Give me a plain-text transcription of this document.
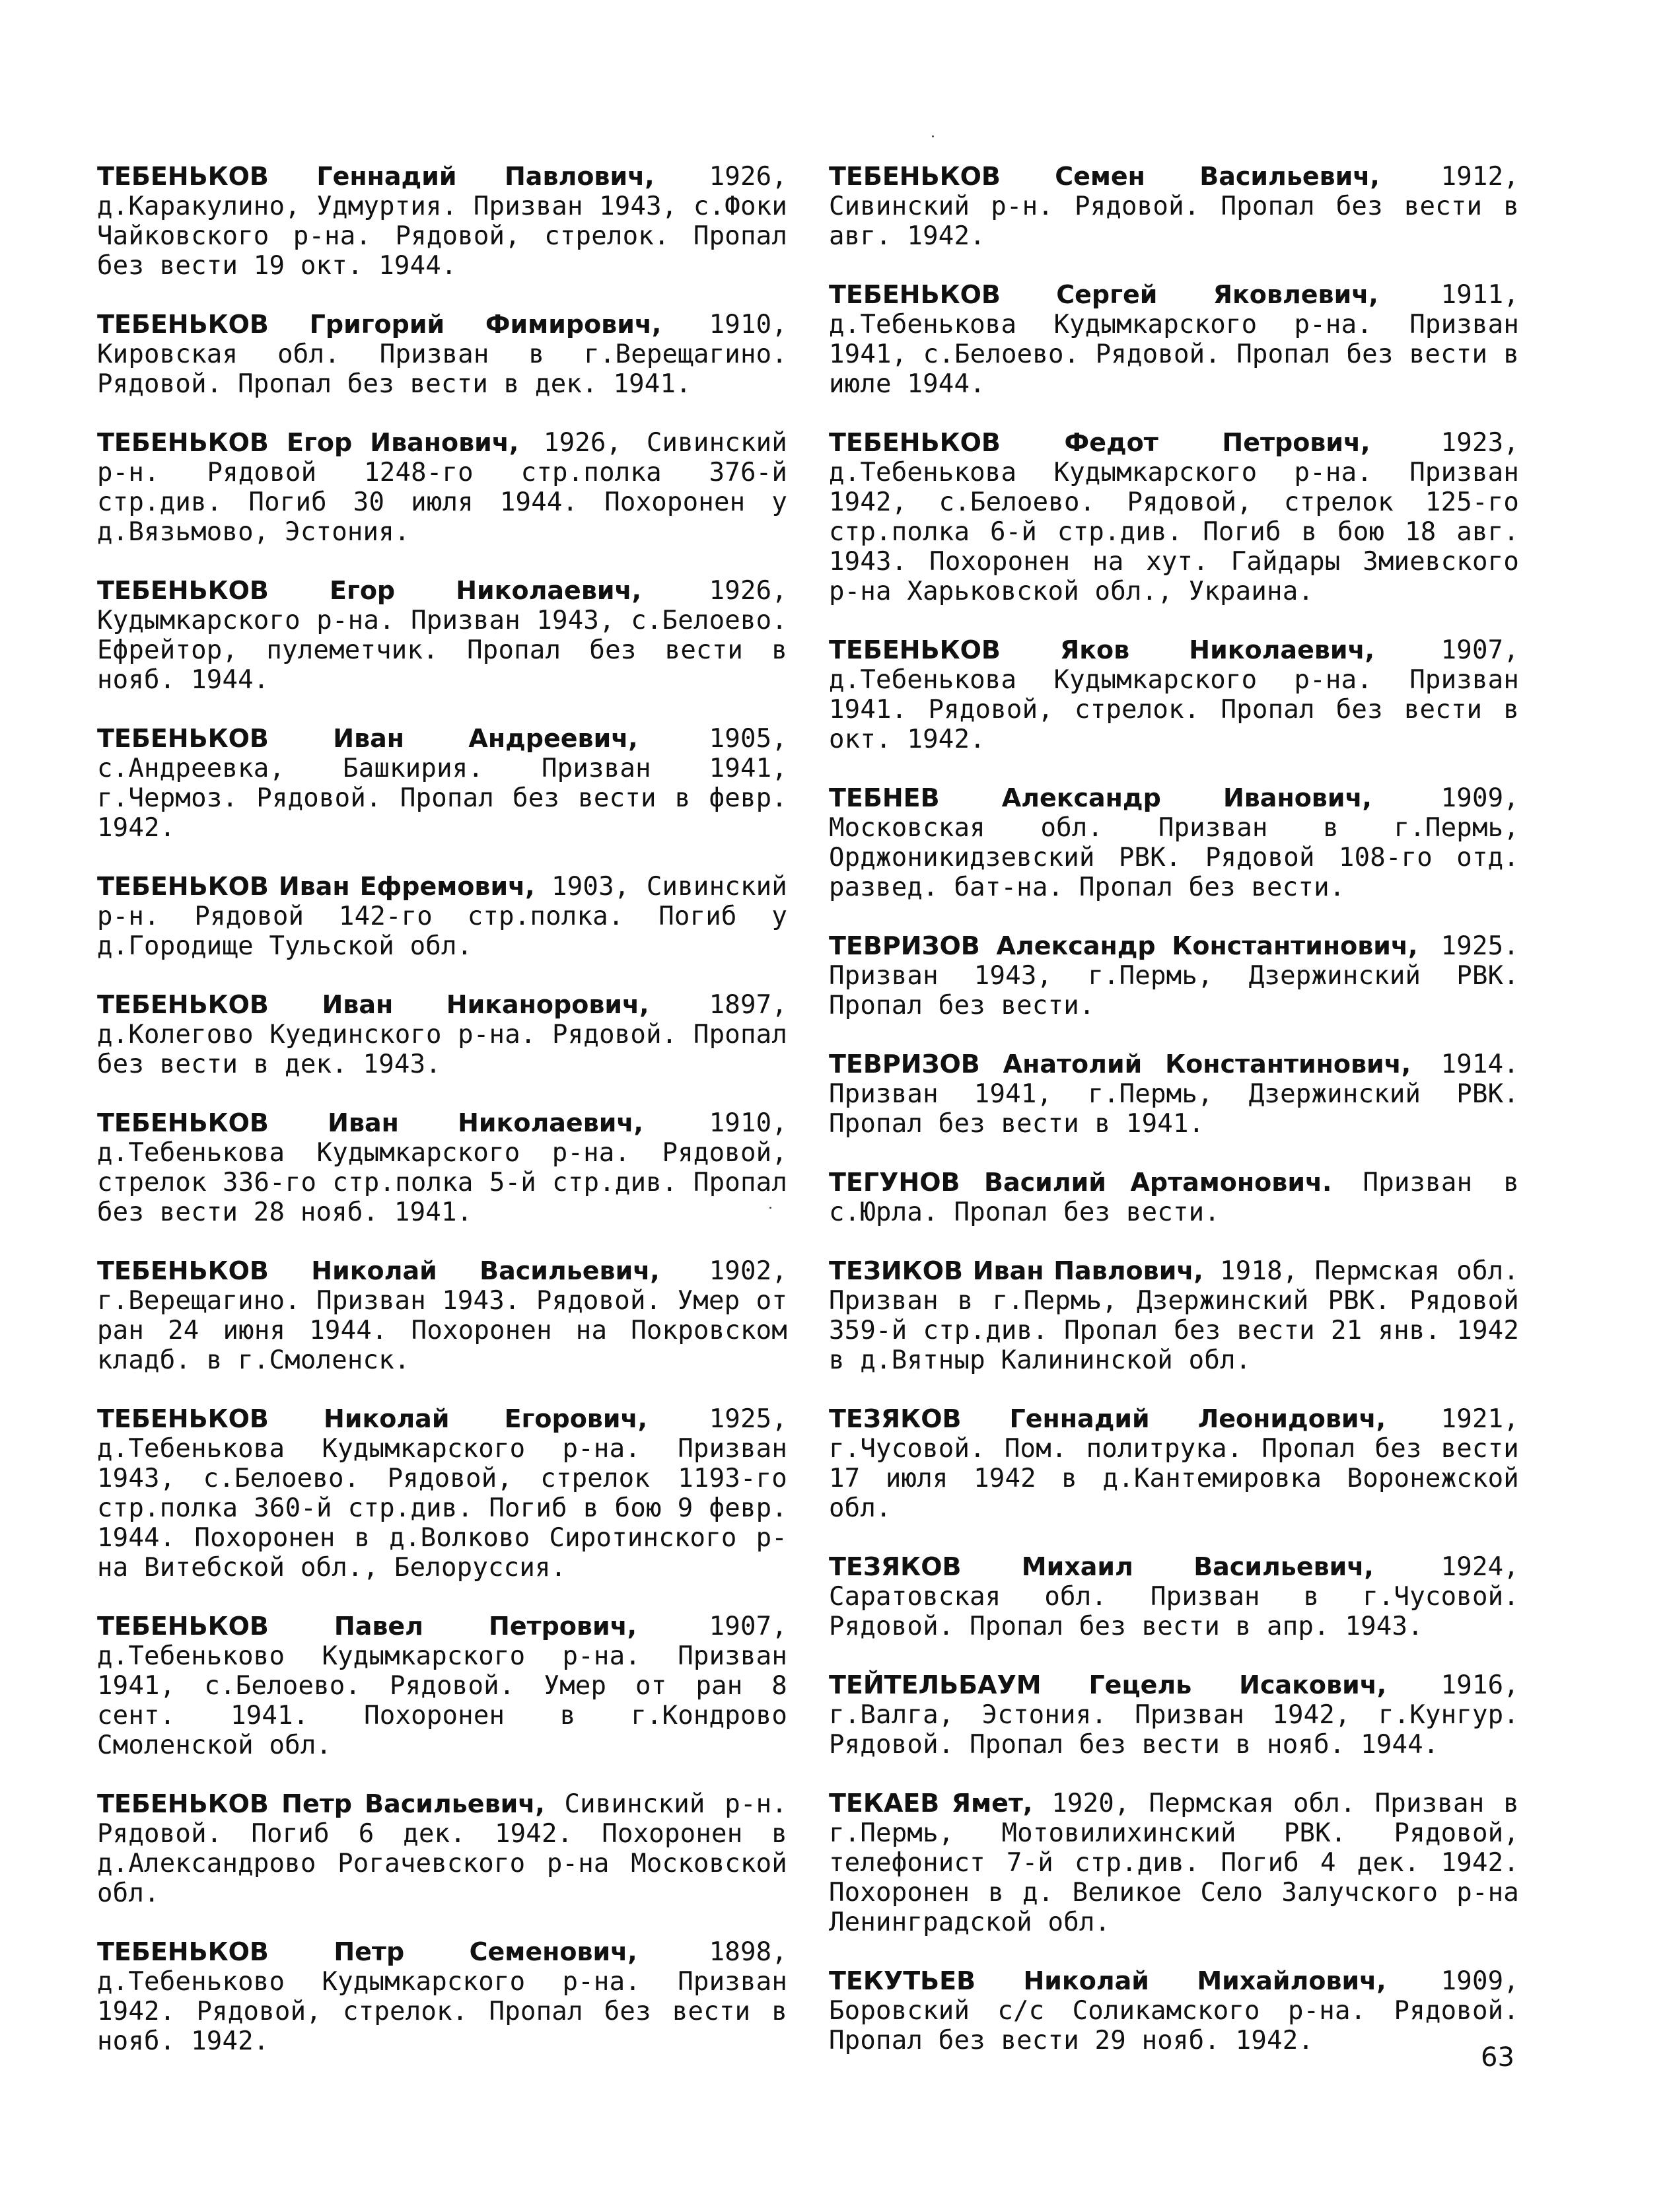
ТЕБЕНЬКОВ Геннадий Павлович, 1926, д.Каракулино, Удмуртия. Призван 1943, с.Фоки Чайковского р-на. Рядовой, стрелок. Пропал без вести 19 окт. 1944.

ТЕБЕНЬКОВ Григорий Фимирович, 1910, Кировская обл. Призван в г.Верещагино. Рядовой. Пропал без вести в дек. 1941.

ТЕБЕНЬКОВ Егор Иванович, 1926, Сивинский р-н. Рядовой 1248-го стр.полка 376-й стр.див. Погиб 30 июля 1944. Похоронен у д.Вязьмово, Эстония.

ТЕБЕНЬКОВ Егор Николаевич, 1926, Кудымкарского р-на. Призван 1943, с.Белоево. Ефрейтор, пулеметчик. Пропал без вести в нояб. 1944.

ТЕБЕНЬКОВ Иван Андреевич, 1905, с.Андреевка, Башкирия. Призван 1941, г.Чермоз. Рядовой. Пропал без вести в февр. 1942.

ТЕБЕНЬКОВ Иван Ефремович, 1903, Сивинский р-н. Рядовой 142-го стр.полка. Погиб у д.Городище Тульской обл.

ТЕБЕНЬКОВ Иван Никанорович, 1897, д.Колегово Куединского р-на. Рядовой. Пропал без вести в дек. 1943.

ТЕБЕНЬКОВ Иван Николаевич, 1910, д.Тебенькова Кудымкарского р-на. Рядовой, стрелок 336-го стр.полка 5-й стр.див. Пропал без вести 28 нояб. 1941.

ТЕБЕНЬКОВ Николай Васильевич, 1902, г.Верещагино. Призван 1943. Рядовой. Умер от ран 24 июня 1944. Похоронен на Покровском кладб. в г.Смоленск.

ТЕБЕНЬКОВ Николай Егорович, 1925, д.Тебенькова Кудымкарского р-на. Призван 1943, с.Белоево. Рядовой, стрелок 1193-го стр.полка 360-й стр.див. Погиб в бою 9 февр. 1944. Похоронен в д.Волково Сиротинского р-на Витебской обл., Белоруссия.

ТЕБЕНЬКОВ Павел Петрович, 1907, д.Тебеньково Кудымкарского р-на. Призван 1941, с.Белоево. Рядовой. Умер от ран 8 сент. 1941. Похоронен в г.Кондрово Смоленской обл.

ТЕБЕНЬКОВ Петр Васильевич, Сивинский р-н. Рядовой. Погиб 6 дек. 1942. Похоронен в д.Александрово Рогачевского р-на Московской обл.

ТЕБЕНЬКОВ Петр Семенович, 1898, д.Тебеньково Кудымкарского р-на. Призван 1942. Рядовой, стрелок. Пропал без вести в нояб. 1942.

ТЕБЕНЬКОВ Семен Васильевич, 1912, Сивинский р-н. Рядовой. Пропал без вести в авг. 1942.

ТЕБЕНЬКОВ Сергей Яковлевич, 1911, д.Тебенькова Кудымкарского р-на. Призван 1941, с.Белоево. Рядовой. Пропал без вести в июле 1944.

ТЕБЕНЬКОВ Федот Петрович, 1923, д.Тебенькова Кудымкарского р-на. Призван 1942, с.Белоево. Рядовой, стрелок 125-го стр.полка 6-й стр.див. Погиб в бою 18 авг. 1943. Похоронен на хут. Гайдары Змиевского р-на Харьковской обл., Украина.

ТЕБЕНЬКОВ Яков Николаевич, 1907, д.Тебенькова Кудымкарского р-на. Призван 1941. Рядовой, стрелок. Пропал без вести в окт. 1942.

ТЕБНЕВ Александр Иванович, 1909, Московская обл. Призван в г.Пермь, Орджоникидзевский РВК. Рядовой 108-го отд. развед. бат-на. Пропал без вести.

ТЕВРИЗОВ Александр Константинович, 1925. Призван 1943, г.Пермь, Дзержинский РВК. Пропал без вести.

ТЕВРИЗОВ Анатолий Константинович, 1914. Призван 1941, г.Пермь, Дзержинский РВК. Пропал без вести в 1941.

ТЕГУНОВ Василий Артамонович. Призван в с.Юрла. Пропал без вести.

ТЕЗИКОВ Иван Павлович, 1918, Пермская обл. Призван в г.Пермь, Дзержинский РВК. Рядовой 359-й стр.див. Пропал без вести 21 янв. 1942 в д.Вятныр Калининской обл.

ТЕЗЯКОВ Геннадий Леонидович, 1921, г.Чусовой. Пом. политрука. Пропал без вести 17 июля 1942 в д.Кантемировка Воронежской обл.

ТЕЗЯКОВ Михаил Васильевич, 1924, Саратовская обл. Призван в г.Чусовой. Рядовой. Пропал без вести в апр. 1943.

ТЕЙТЕЛЬБАУМ Гецель Исакович, 1916, г.Валга, Эстония. Призван 1942, г.Кунгур. Рядовой. Пропал без вести в нояб. 1944.

ТЕКАЕВ Ямет, 1920, Пермская обл. Призван в г.Пермь, Мотовилихинский РВК. Рядовой, телефонист 7-й стр.див. Погиб 4 дек. 1942. Похоронен в д. Великое Село Залучского р-на Ленинградской обл.

ТЕКУТЬЕВ Николай Михайлович, 1909, Боровский с/с Соликамского р-на. Рядовой. Пропал без вести 29 нояб. 1942.

63
